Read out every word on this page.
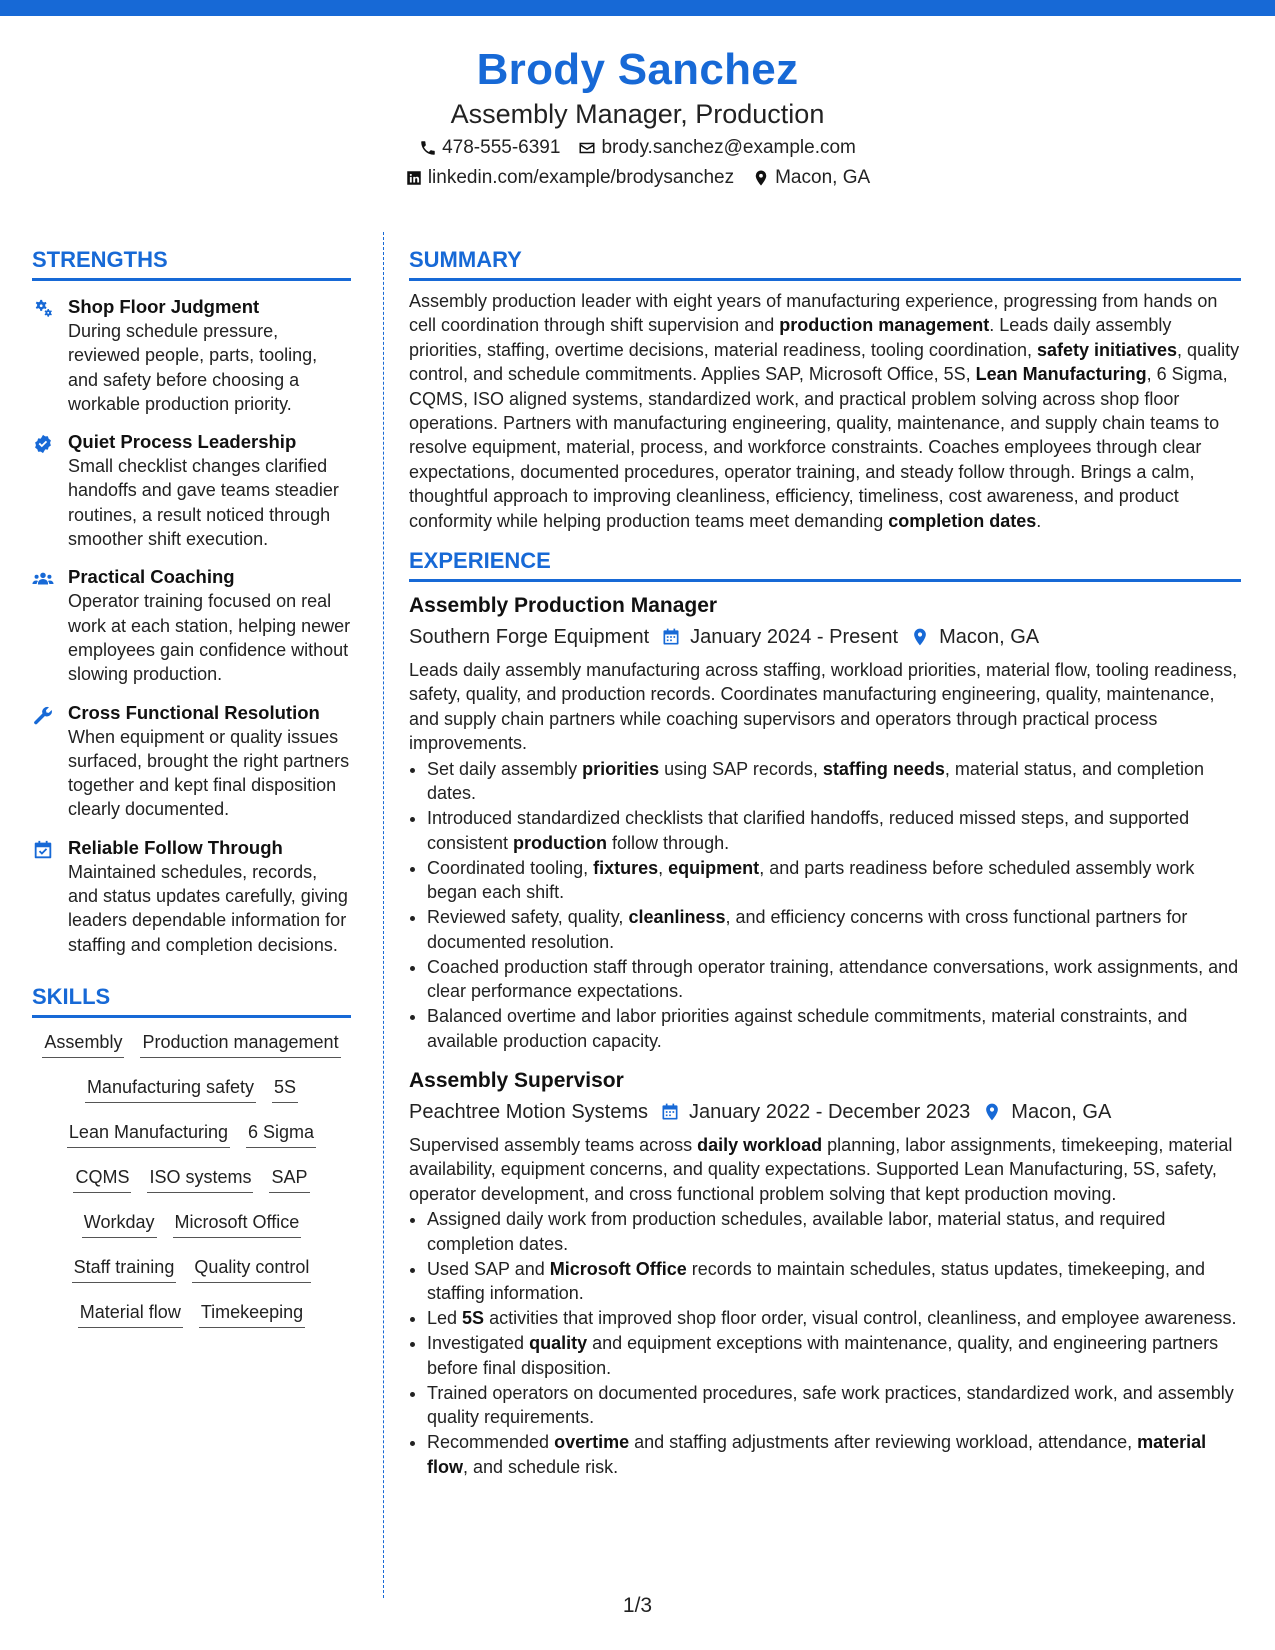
Brody Sanchez
Assembly Manager, Production
478-555-6391 brody.sanchez@example.com
linkedin.com/example/brodysanchez Macon, GA
STRENGTHS
Shop Floor Judgment
During schedule pressure, reviewed people, parts, tooling, and safety before choosing a workable production priority.
Quiet Process Leadership
Small checklist changes clarified handoffs and gave teams steadier routines, a result noticed through smoother shift execution.
Practical Coaching
Operator training focused on real work at each station, helping newer employees gain confidence without slowing production.
Cross Functional Resolution
When equipment or quality issues surfaced, brought the right partners together and kept final disposition clearly documented.
Reliable Follow Through
Maintained schedules, records, and status updates carefully, giving leaders dependable information for staffing and completion decisions.
SKILLS
Assembly Production management
Manufacturing safety 5S
Lean Manufacturing 6 Sigma
CQMS ISO systems SAP
Workday Microsoft Office
Staff training Quality control
Material flow Timekeeping
SUMMARY
Assembly production leader with eight years of manufacturing experience, progressing from hands on cell coordination through shift supervision and production management. Leads daily assembly priorities, staffing, overtime decisions, material readiness, tooling coordination, safety initiatives, quality control, and schedule commitments. Applies SAP, Microsoft Office, 5S, Lean Manufacturing, 6 Sigma, CQMS, ISO aligned systems, standardized work, and practical problem solving across shop floor operations. Partners with manufacturing engineering, quality, maintenance, and supply chain teams to resolve equipment, material, process, and workforce constraints. Coaches employees through clear expectations, documented procedures, operator training, and steady follow through. Brings a calm, thoughtful approach to improving cleanliness, efficiency, timeliness, cost awareness, and product conformity while helping production teams meet demanding completion dates.
EXPERIENCE
Assembly Production Manager
Southern Forge Equipment January 2024 - Present Macon, GA
Leads daily assembly manufacturing across staffing, workload priorities, material flow, tooling readiness, safety, quality, and production records. Coordinates manufacturing engineering, quality, maintenance, and supply chain partners while coaching supervisors and operators through practical process improvements.
• Set daily assembly priorities using SAP records, staffing needs, material status, and completion dates.
• Introduced standardized checklists that clarified handoffs, reduced missed steps, and supported consistent production follow through.
• Coordinated tooling, fixtures, equipment, and parts readiness before scheduled assembly work began each shift.
• Reviewed safety, quality, cleanliness, and efficiency concerns with cross functional partners for documented resolution.
• Coached production staff through operator training, attendance conversations, work assignments, and clear performance expectations.
• Balanced overtime and labor priorities against schedule commitments, material constraints, and available production capacity.
Assembly Supervisor
Peachtree Motion Systems January 2022 - December 2023 Macon, GA
Supervised assembly teams across daily workload planning, labor assignments, timekeeping, material availability, equipment concerns, and quality expectations. Supported Lean Manufacturing, 5S, safety, operator development, and cross functional problem solving that kept production moving.
• Assigned daily work from production schedules, available labor, material status, and required completion dates.
• Used SAP and Microsoft Office records to maintain schedules, status updates, timekeeping, and staffing information.
• Led 5S activities that improved shop floor order, visual control, cleanliness, and employee awareness.
• Investigated quality and equipment exceptions with maintenance, quality, and engineering partners before final disposition.
• Trained operators on documented procedures, safe work practices, standardized work, and assembly quality requirements.
• Recommended overtime and staffing adjustments after reviewing workload, attendance, material flow, and schedule risk.
1/3
